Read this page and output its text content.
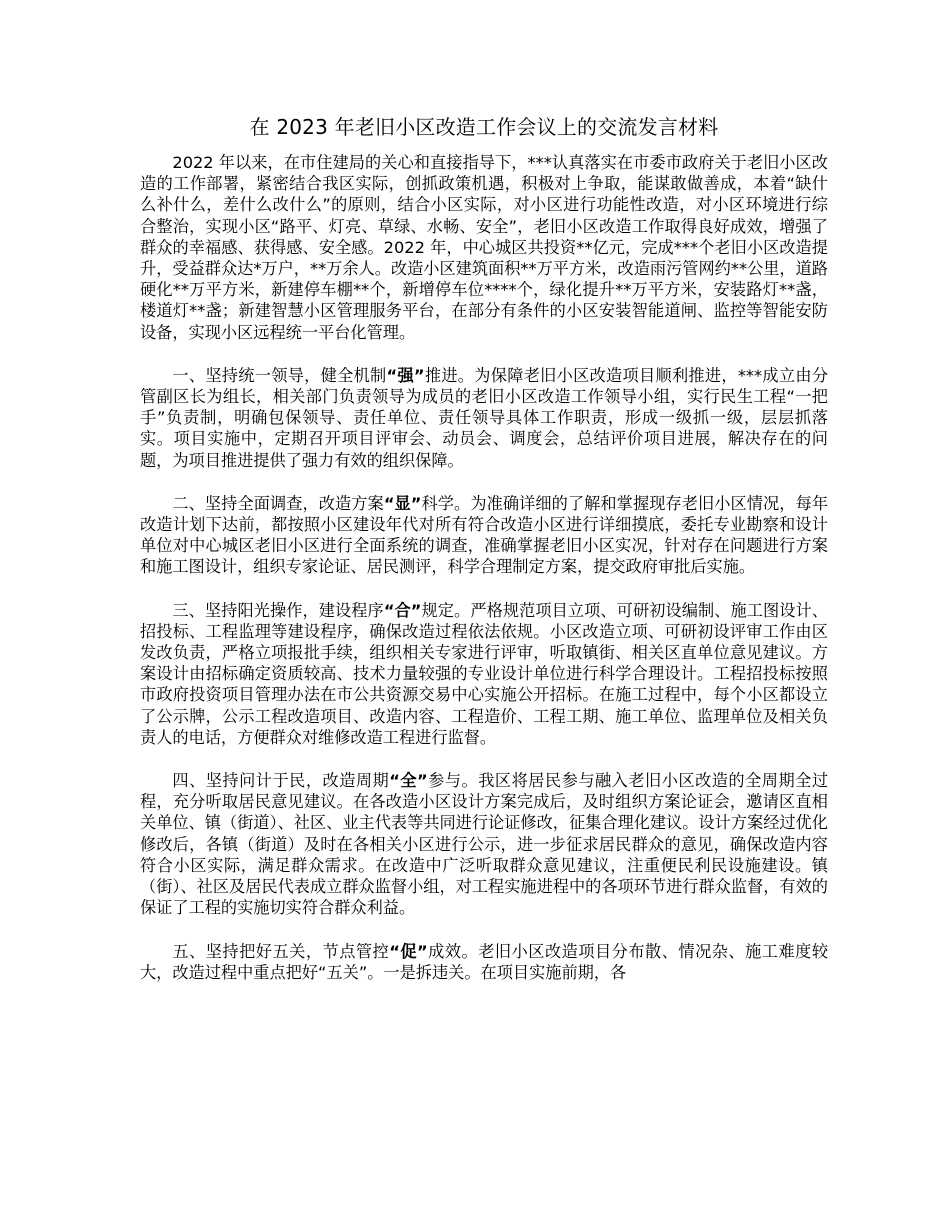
在 2023 年老旧小区改造工作会议上的交流发言材料

2022 年以来，在市住建局的关心和直接指导下，***认真落实在市委市政府关于老旧小区改造的工作部署，紧密结合我区实际，创抓政策机遇，积极对上争取，能谋敢做善成，本着“缺什么补什么，差什么改什么”的原则，结合小区实际，对小区进行功能性改造，对小区环境进行综合整治，实现小区“路平、灯亮、草绿、水畅、安全”，老旧小区改造工作取得良好成效，增强了群众的幸福感、获得感、安全感。2022 年，中心城区共投资**亿元，完成***个老旧小区改造提升，受益群众达*万户，**万余人。改造小区建筑面积**万平方米，改造雨污管网约**公里，道路硬化**万平方米，新建停车棚**个，新增停车位****个，绿化提升**万平方米，安装路灯**盏，楼道灯**盏；新建智慧小区管理服务平台，在部分有条件的小区安装智能道闸、监控等智能安防设备，实现小区远程统一平台化管理。

一、坚持统一领导，健全机制“强”推进。为保障老旧小区改造项目顺利推进，***成立由分管副区长为组长，相关部门负责领导为成员的老旧小区改造工作领导小组，实行民生工程“一把手”负责制，明确包保领导、责任单位、责任领导具体工作职责，形成一级抓一级，层层抓落实。项目实施中，定期召开项目评审会、动员会、调度会，总结评价项目进展，解决存在的问题，为项目推进提供了强力有效的组织保障。

二、坚持全面调查，改造方案“显”科学。为准确详细的了解和掌握现存老旧小区情况，每年改造计划下达前，都按照小区建设年代对所有符合改造小区进行详细摸底，委托专业勘察和设计单位对中心城区老旧小区进行全面系统的调查，准确掌握老旧小区实况，针对存在问题进行方案和施工图设计，组织专家论证、居民测评，科学合理制定方案，提交政府审批后实施。

三、坚持阳光操作，建设程序“合”规定。严格规范项目立项、可研初设编制、施工图设计、招投标、工程监理等建设程序，确保改造过程依法依规。小区改造立项、可研初设评审工作由区发改负责，严格立项报批手续，组织相关专家进行评审，听取镇街、相关区直单位意见建议。方案设计由招标确定资质较高、技术力量较强的专业设计单位进行科学合理设计。工程招投标按照市政府投资项目管理办法在市公共资源交易中心实施公开招标。在施工过程中，每个小区都设立了公示牌，公示工程改造项目、改造内容、工程造价、工程工期、施工单位、监理单位及相关负责人的电话，方便群众对维修改造工程进行监督。

四、坚持问计于民，改造周期“全”参与。我区将居民参与融入老旧小区改造的全周期全过程，充分听取居民意见建议。在各改造小区设计方案完成后，及时组织方案论证会，邀请区直相关单位、镇（街道）、社区、业主代表等共同进行论证修改，征集合理化建议。设计方案经过优化修改后，各镇（街道）及时在各相关小区进行公示，进一步征求居民群众的意见，确保改造内容符合小区实际，满足群众需求。在改造中广泛听取群众意见建议，注重便民利民设施建设。镇（街）、社区及居民代表成立群众监督小组，对工程实施进程中的各项环节进行群众监督，有效的保证了工程的实施切实符合群众利益。

五、坚持把好五关，节点管控“促”成效。老旧小区改造项目分布散、情况杂、施工难度较大，改造过程中重点把好“五关”。一是拆违关。在项目实施前期，各
